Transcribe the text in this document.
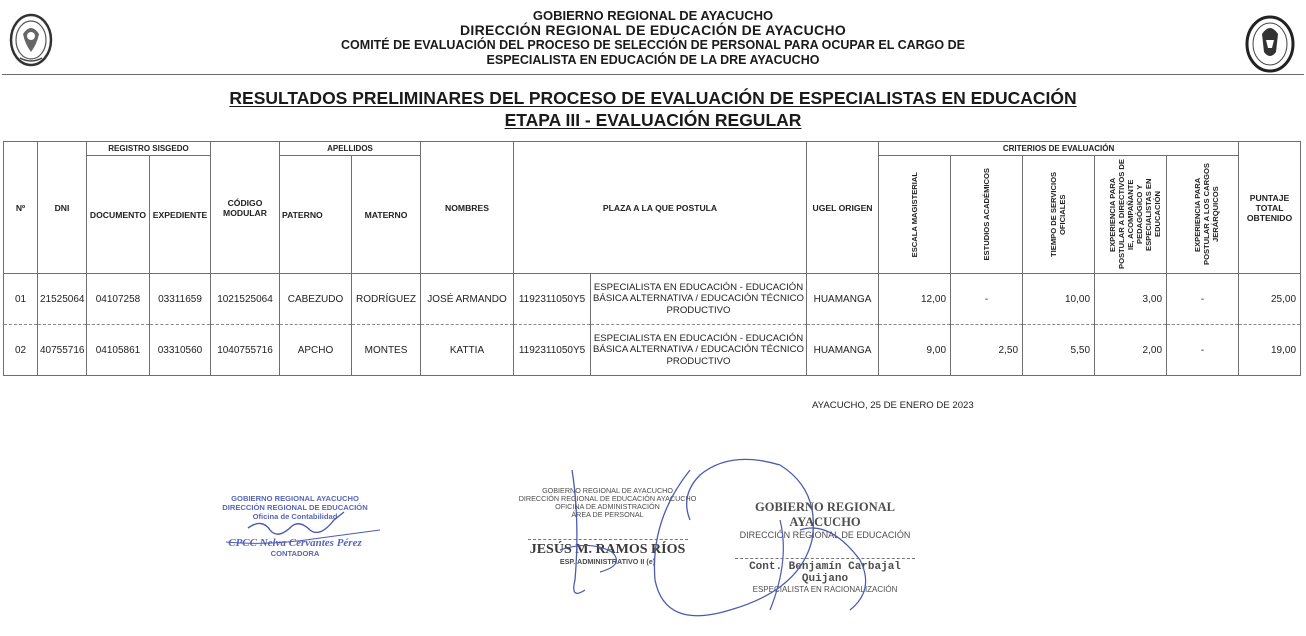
GOBIERNO REGIONAL DE AYACUCHO
DIRECCIÓN REGIONAL DE EDUCACIÓN DE AYACUCHO
COMITÉ DE EVALUACIÓN DEL PROCESO DE SELECCIÓN DE PERSONAL PARA OCUPAR EL CARGO DE
ESPECIALISTA EN EDUCACIÓN DE LA DRE AYACUCHO
RESULTADOS PRELIMINARES DEL PROCESO DE EVALUACIÓN DE ESPECIALISTAS EN EDUCACIÓN
ETAPA III - EVALUACIÓN REGULAR
Nº	DNI	REGISTRO SISGEDO		CÓDIGO MODULAR	APELLIDOS		NOMBRES	PLAZA A LA QUE POSTULA		UGEL ORIGEN	CRITERIOS DE EVALUACIÓN					PUNTAJE TOTAL OBTENIDO
		DOCUMENTO	EXPEDIENTE		PATERNO	MATERNO					ESCALA MAGISTERIAL	ESTUDIOS ACADÉMICOS	TIEMPO DE SERVICIOS OFICIALES	EXPERIENCIA PARA POSTULAR A DIRECTIVOS DE IE, ACOMPAÑANTE PEDAGÓGICO Y ESPECIALISTAS EN EDUCACIÓN	EXPERIENCIA PARA POSTULAR A LOS CARGOS JERÁRQUICOS	

01	21525064	04107258	03311659	1021525064	CABEZUDO	RODRÍGUEZ	JOSÉ ARMANDO	1192311050Y5	ESPECIALISTA EN EDUCACIÓN - EDUCACIÓN BÁSICA ALTERNATIVA / EDUCACIÓN TÉCNICO PRODUCTIVO	HUAMANGA	12,00	-	10,00	3,00	-	25,00
02	40755716	04105861	03310560	1040755716	APCHO	MONTES	KATTIA	1192311050Y5	ESPECIALISTA EN EDUCACIÓN - EDUCACIÓN BÁSICA ALTERNATIVA / EDUCACIÓN TÉCNICO PRODUCTIVO	HUAMANGA	9,00	2,50	5,50	2,00	-	19,00
AYACUCHO, 25 DE ENERO DE 2023
GOBIERNO REGIONAL AYACUCHO
DIRECCIÓN REGIONAL DE EDUCACIÓN
Oficina de Contabilidad
CPCC Nelva Cervantes Pérez
CONTADORA
GOBIERNO REGIONAL DE AYACUCHO
DIRECCIÓN REGIONAL DE EDUCACIÓN AYACUCHO
OFICINA DE ADMINISTRACIÓN
ÁREA DE PERSONAL
JESÚS M. RAMOS RÍOS
ESP. ADMINISTRATIVO II (e)
GOBIERNO REGIONAL AYACUCHO
DIRECCIÓN REGIONAL DE EDUCACIÓN
Cont. Benjamín Carbajal Quijano
ESPECIALISTA EN RACIONALIZACIÓN
